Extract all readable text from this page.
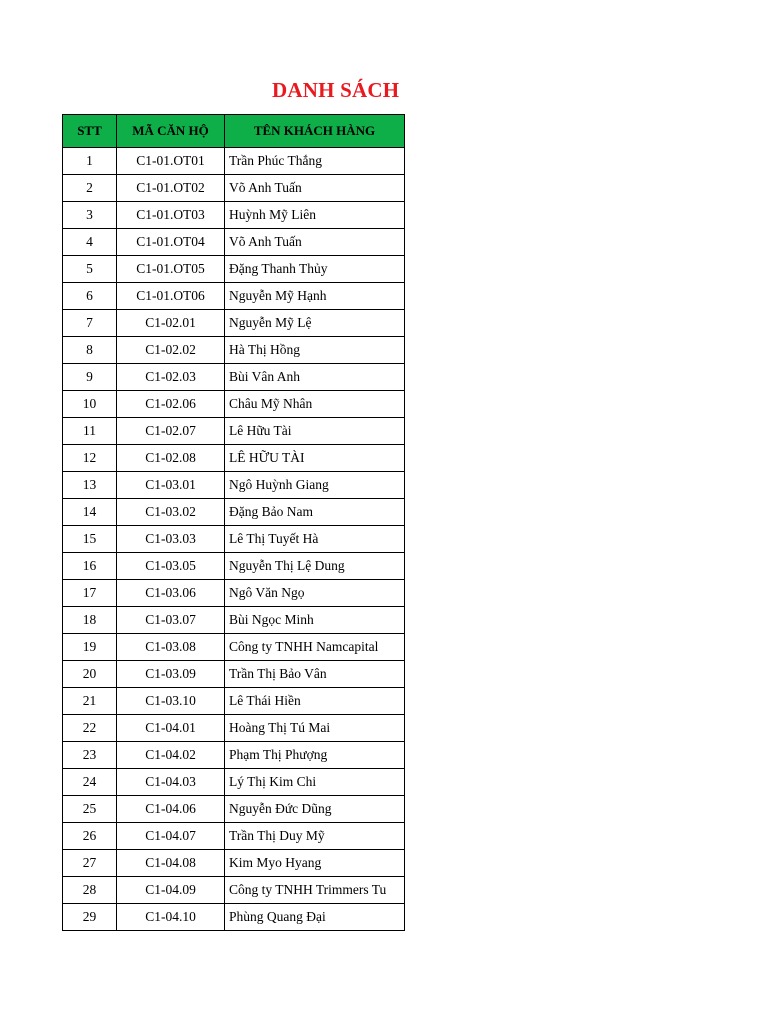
DANH SÁCH
STT	MÃ CĂN HỘ	TÊN KHÁCH HÀNG
1	C1-01.OT01	Trần Phúc Thắng
2	C1-01.OT02	Võ Anh Tuấn
3	C1-01.OT03	Huỳnh Mỹ Liên
4	C1-01.OT04	Võ Anh Tuấn
5	C1-01.OT05	Đặng Thanh Thủy
6	C1-01.OT06	Nguyễn Mỹ Hạnh
7	C1-02.01	Nguyễn Mỹ Lệ
8	C1-02.02	Hà Thị Hồng
9	C1-02.03	Bùi Vân Anh
10	C1-02.06	Châu Mỹ Nhân
11	C1-02.07	Lê Hữu Tài
12	C1-02.08	LÊ HỮU TÀI
13	C1-03.01	Ngô Huỳnh Giang
14	C1-03.02	Đặng Bảo Nam
15	C1-03.03	Lê Thị Tuyết Hà
16	C1-03.05	Nguyễn Thị Lệ Dung
17	C1-03.06	Ngô Văn Ngọ
18	C1-03.07	Bùi Ngọc Minh
19	C1-03.08	Công ty TNHH Namcapital
20	C1-03.09	Trần Thị Bảo Vân
21	C1-03.10	Lê Thái Hiền
22	C1-04.01	Hoàng Thị Tú Mai
23	C1-04.02	Phạm Thị Phượng
24	C1-04.03	Lý Thị Kim Chi
25	C1-04.06	Nguyễn Đức Dũng
26	C1-04.07	Trần Thị Duy Mỹ
27	C1-04.08	Kim Myo Hyang
28	C1-04.09	Công ty TNHH Trimmers Tu
29	C1-04.10	Phùng Quang Đại
